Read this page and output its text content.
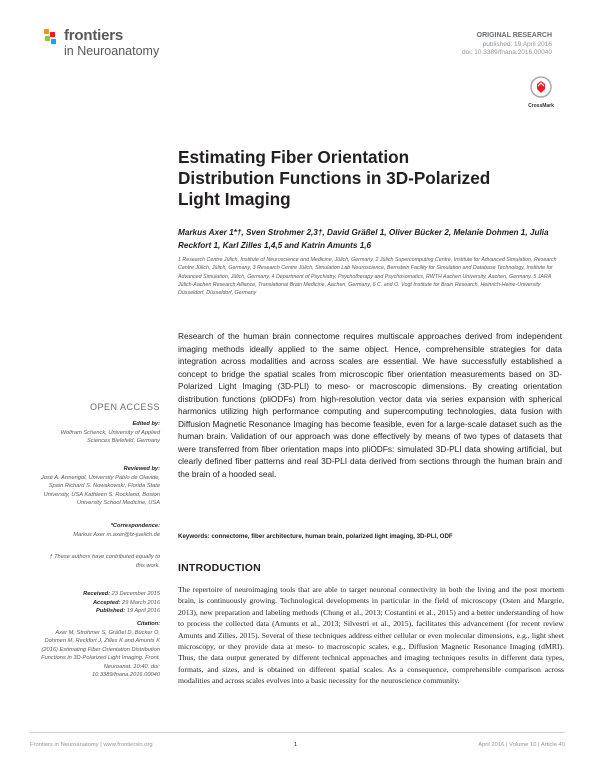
frontiers
in Neuroanatomy
ORIGINAL RESEARCH
published: 19 April 2016
doi: 10.3389/fnana.2016.00040
CrossMark
Estimating Fiber Orientation Distribution Functions in 3D-Polarized Light Imaging
Markus Axer 1*†, Sven Strohmer 2,3†, David Gräßel 1, Oliver Bücker 2, Melanie Dohmen 1, Julia Reckfort 1, Karl Zilles 1,4,5 and Katrin Amunts 1,6
1 Research Centre Jülich, Institute of Neuroscience and Medicine, Jülich, Germany, 2 Jülich Supercomputing Centre, Institute for Advanced Simulation, Research Centre Jülich, Jülich, Germany, 3 Research Centre Jülich, Simulation Lab Neuroscience, Bernstein Facility for Simulation and Database Technology, Institute for Advanced Simulation, Jülich, Germany, 4 Department of Psychiatry, Psychotherapy and Psychosomatics, RWTH Aachen University, Aachen, Germany, 5 JARA Jülich-Aachen Research Alliance, Translational Brain Medicine, Aachen, Germany, 6 C. and O. Vogt Institute for Brain Research, Heinrich-Heine-University Düsseldorf, Düsseldorf, Germany
OPEN ACCESS
Edited by:
Wolfram Schenck, University of Applied Sciences Bielefeld, Germany
Reviewed by:
José A. Armengol, University Pablo de Olavide, Spain Richard S. Nowakowski, Florida State University, USA Kathleen S. Rockland, Boston University School Medicine, USA
*Correspondence:
Markus Axer m.axer@fz-juelich.de
† These authors have contributed equally to this work.
Received: 23 December 2015
Accepted: 29 March 2016
Published: 19 April 2016
Citation:
Axer M, Strohmer S, Gräßel D, Bücker O, Dohmen M, Reckfort J, Zilles K and Amunts K (2016) Estimating Fiber Orientation Distribution Functions in 3D-Polarized Light Imaging. Front. Neuroanat. 10:40. doi: 10.3389/fnana.2016.00040
Research of the human brain connectome requires multiscale approaches derived from independent imaging methods ideally applied to the same object. Hence, comprehensible strategies for data integration across modalities and across scales are essential. We have successfully established a concept to bridge the spatial scales from microscopic fiber orientation measurements based on 3D-Polarized Light Imaging (3D-PLI) to meso- or macroscopic dimensions. By creating orientation distribution functions (pliODFs) from high-resolution vector data via series expansion with spherical harmonics utilizing high performance computing and supercomputing technologies, data fusion with Diffusion Magnetic Resonance Imaging has become feasible, even for a large-scale dataset such as the human brain. Validation of our approach was done effectively by means of two types of datasets that were transferred from fiber orientation maps into pliODFs: simulated 3D-PLI data showing artificial, but clearly defined fiber patterns and real 3D-PLI data derived from sections through the human brain and the brain of a hooded seal.
Keywords: connectome, fiber architecture, human brain, polarized light imaging, 3D-PLI, ODF
INTRODUCTION
The repertoire of neuroimaging tools that are able to target neuronal connectivity in both the living and the post mortem brain, is continuously growing. Technological developments in particular in the field of microscopy (Osten and Margrie, 2013), new preparation and labeling methods (Chung et al., 2013; Costantini et al., 2015) and a better understanding of how to process the collected data (Amunts et al., 2013; Silvestri et al., 2015), facilitates this advancement (for recent review Amunts and Zilles, 2015). Several of these techniques address either cellular or even molecular dimensions, e.g., light sheet microscopy, or they provide data at meso- to macroscopic scales, e.g., Diffusion Magnetic Resonance Imaging (dMRI). Thus, the data output generated by different technical approaches and imaging techniques results in different data types, formats, and sizes, and is obtained on different spatial scales. As a consequence, comprehensible comparison across modalities and across scales evolves into a basic necessity for the neuroscience community.
Frontiers in Neuroanatomy | www.frontiersin.org	1	April 2016 | Volume 10 | Article 40
